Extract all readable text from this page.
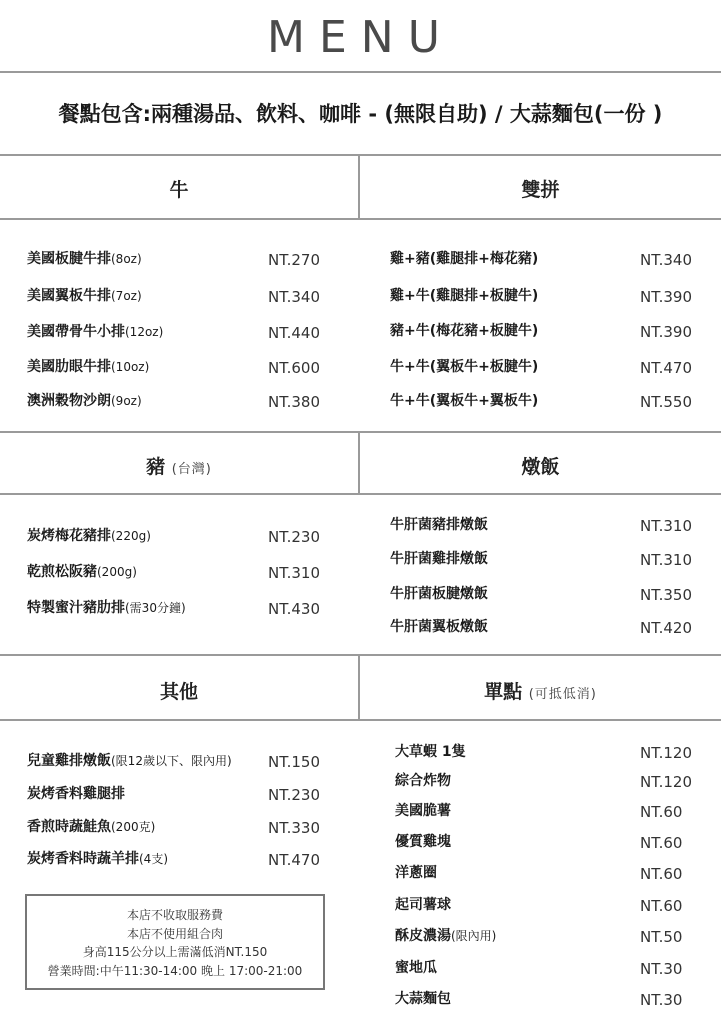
MENU
餐點包含:兩種湯品、飲料、咖啡 - (無限自助) / 大蒜麵包(一份 )
牛
美國板腱牛排(8oz)	NT.270
美國翼板牛排(7oz)	NT.340
美國帶骨牛小排(12oz)	NT.440
美國肋眼牛排(10oz)	NT.600
澳洲穀物沙朗(9oz)	NT.380
雙拼
雞+豬(雞腿排+梅花豬)	NT.340
雞+牛(雞腿排+板腱牛)	NT.390
豬+牛(梅花豬+板腱牛)	NT.390
牛+牛(翼板牛+板腱牛)	NT.470
牛+牛(翼板牛+翼板牛)	NT.550
豬 (台灣)
炭烤梅花豬排(220g)	NT.230
乾煎松阪豬(200g)	NT.310
特製蜜汁豬肋排(需30分鐘)	NT.430
燉飯
牛肝菌豬排燉飯	NT.310
牛肝菌雞排燉飯	NT.310
牛肝菌板腱燉飯	NT.350
牛肝菌翼板燉飯	NT.420
其他
兒童雞排燉飯(限12歲以下、限內用) NT.150
炭烤香料雞腿排	NT.230
香煎時蔬鮭魚(200克)	NT.330
炭烤香料時蔬羊排(4支)	NT.470
單點 (可抵低消)
大草蝦 1隻	NT.120
綜合炸物	NT.120
美國脆薯	NT.60
優質雞塊	NT.60
洋蔥圈	NT.60
起司薯球	NT.60
酥皮濃湯(限內用)	NT.50
蜜地瓜	NT.30
大蒜麵包	NT.30
本店不收取服務費
本店不使用組合肉
身高115公分以上需滿低消NT.150
營業時間:中午11:30-14:00 晚上 17:00-21:00
